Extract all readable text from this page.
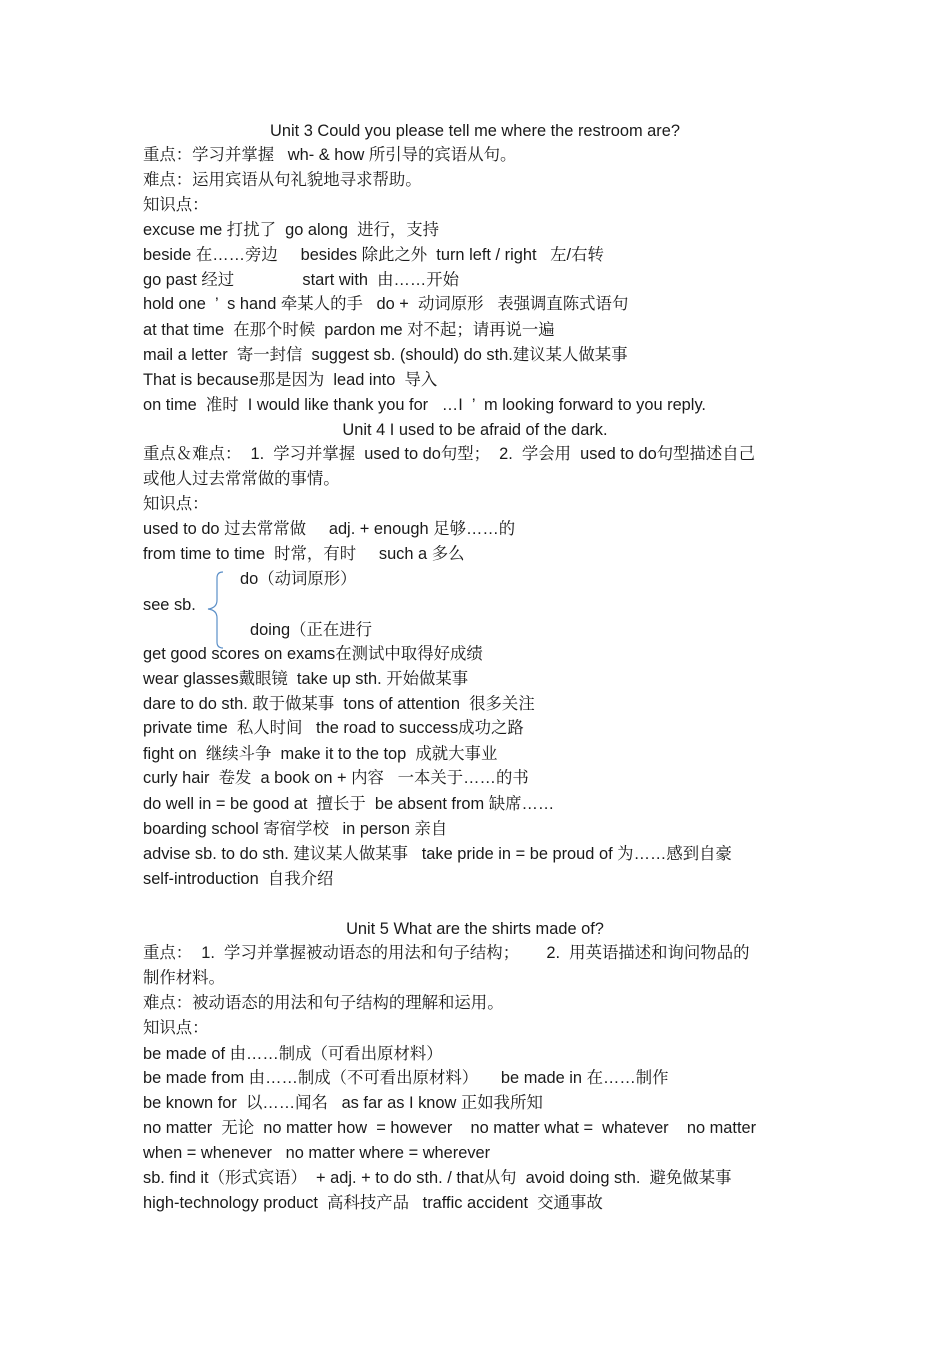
Unit 3 Could you please tell me where the restroom are?
重点：学习并掌握   wh- & how 所引导的宾语从句。
难点：运用宾语从句礼貌地寻求帮助。
知识点：
excuse me 打扰了  go along  进行，支持
beside 在……旁边     besides 除此之外  turn left / right   左/右转
go past 经过               start with  由……开始
hold one  ’  s hand 牵某人的手   do +  动词原形   表强调直陈式语句
at that time  在那个时候  pardon me 对不起；请再说一遍
mail a letter  寄一封信  suggest sb. (should) do sth.建议某人做某事
That is because那是因为  lead into  导入
on time  准时  I would like thank you for   …I  ’  m looking forward to you reply.
Unit 4 I used to be afraid of the dark.
重点＆难点：  1.  学习并掌握  used to do句型；  2.  学会用  used to do句型描述自己
或他人过去常常做的事情。
知识点：
used to do 过去常常做     adj. + enough 足够……的
from time to time  时常，有时     such a 多么
do（动词原形）
see sb.
doing（正在进行
get good scores on exams在测试中取得好成绩
wear glasses戴眼镜  take up sth. 开始做某事
dare to do sth. 敢于做某事  tons of attention  很多关注
private time  私人时间   the road to success成功之路
fight on  继续斗争  make it to the top  成就大事业
curly hair  卷发  a book on + 内容   一本关于……的书
do well in = be good at  擅长于  be absent from 缺席……
boarding school 寄宿学校   in person 亲自
advise sb. to do sth. 建议某人做某事   take pride in = be proud of 为……感到自豪
self-introduction  自我介绍
Unit 5 What are the shirts made of?
重点：  1.  学习并掌握被动语态的用法和句子结构；      2.  用英语描述和询问物品的
制作材料。
难点：被动语态的用法和句子结构的理解和运用。
知识点：
be made of 由……制成（可看出原材料）
be made from 由……制成（不可看出原材料）     be made in 在……制作
be known for  以……闻名   as far as I know 正如我所知
no matter  无论  no matter how  = however    no matter what =  whatever    no matter
when = whenever   no matter where = wherever
sb. find it（形式宾语）  + adj. + to do sth. / that从句  avoid doing sth.  避免做某事
high-technology product  高科技产品   traffic accident  交通事故
